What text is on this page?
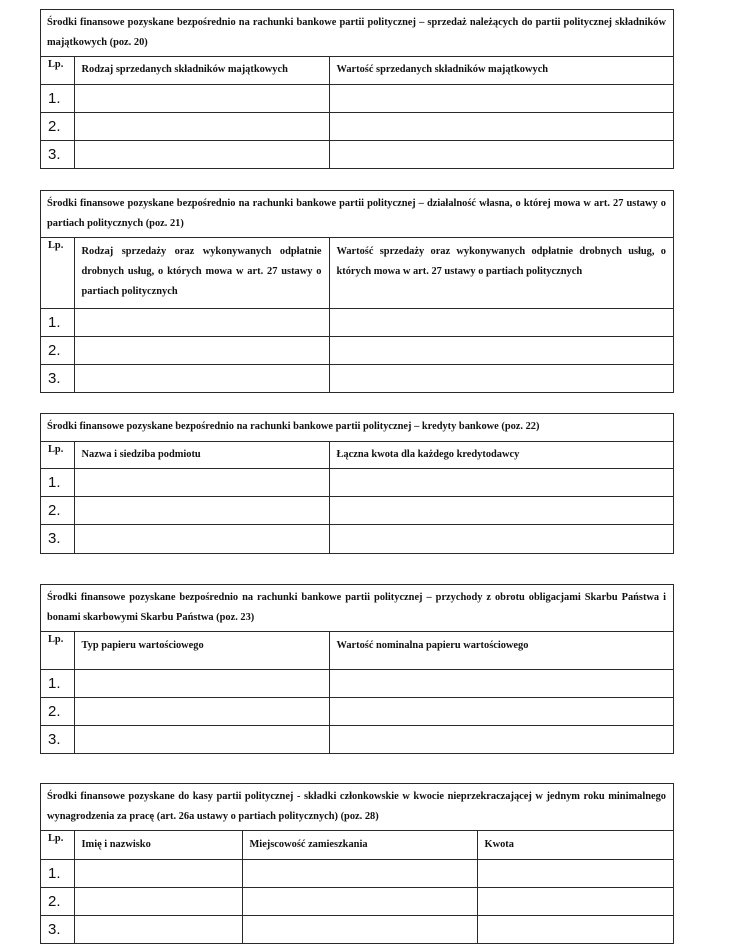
Środki finansowe pozyskane bezpośrednio na rachunki bankowe partii politycznej – sprzedaż należących do partii politycznej składników majątkowych (poz. 20)
Lp.	Rodzaj sprzedanych składników majątkowych	Wartość sprzedanych składników majątkowych
1.		
2.		
3.		
Środki finansowe pozyskane bezpośrednio na rachunki bankowe partii politycznej – działalność własna, o której mowa w art. 27 ustawy o partiach politycznych (poz. 21)
Lp.	Rodzaj sprzedaży oraz wykonywanych odpłatnie drobnych usług, o których mowa w art. 27 ustawy o partiach politycznych	Wartość sprzedaży oraz wykonywanych odpłatnie drobnych usług, o których mowa w art. 27 ustawy o partiach politycznych
1.		
2.		
3.		
Środki finansowe pozyskane bezpośrednio na rachunki bankowe partii politycznej – kredyty bankowe (poz. 22)
Lp.	Nazwa i siedziba podmiotu	Łączna kwota dla każdego kredytodawcy
1.		
2.		
3.		
Środki finansowe pozyskane bezpośrednio na rachunki bankowe partii politycznej – przychody z obrotu obligacjami Skarbu Państwa i bonami skarbowymi Skarbu Państwa (poz. 23)
Lp.	Typ papieru wartościowego	Wartość nominalna papieru wartościowego
1.		
2.		
3.		
Środki finansowe pozyskane do kasy partii politycznej - składki członkowskie w kwocie nieprzekraczającej w jednym roku minimalnego wynagrodzenia za pracę (art. 26a ustawy o partiach politycznych) (poz. 28)
Lp.	Imię i nazwisko	Miejscowość zamieszkania	Kwota
1.			
2.			
3.			
